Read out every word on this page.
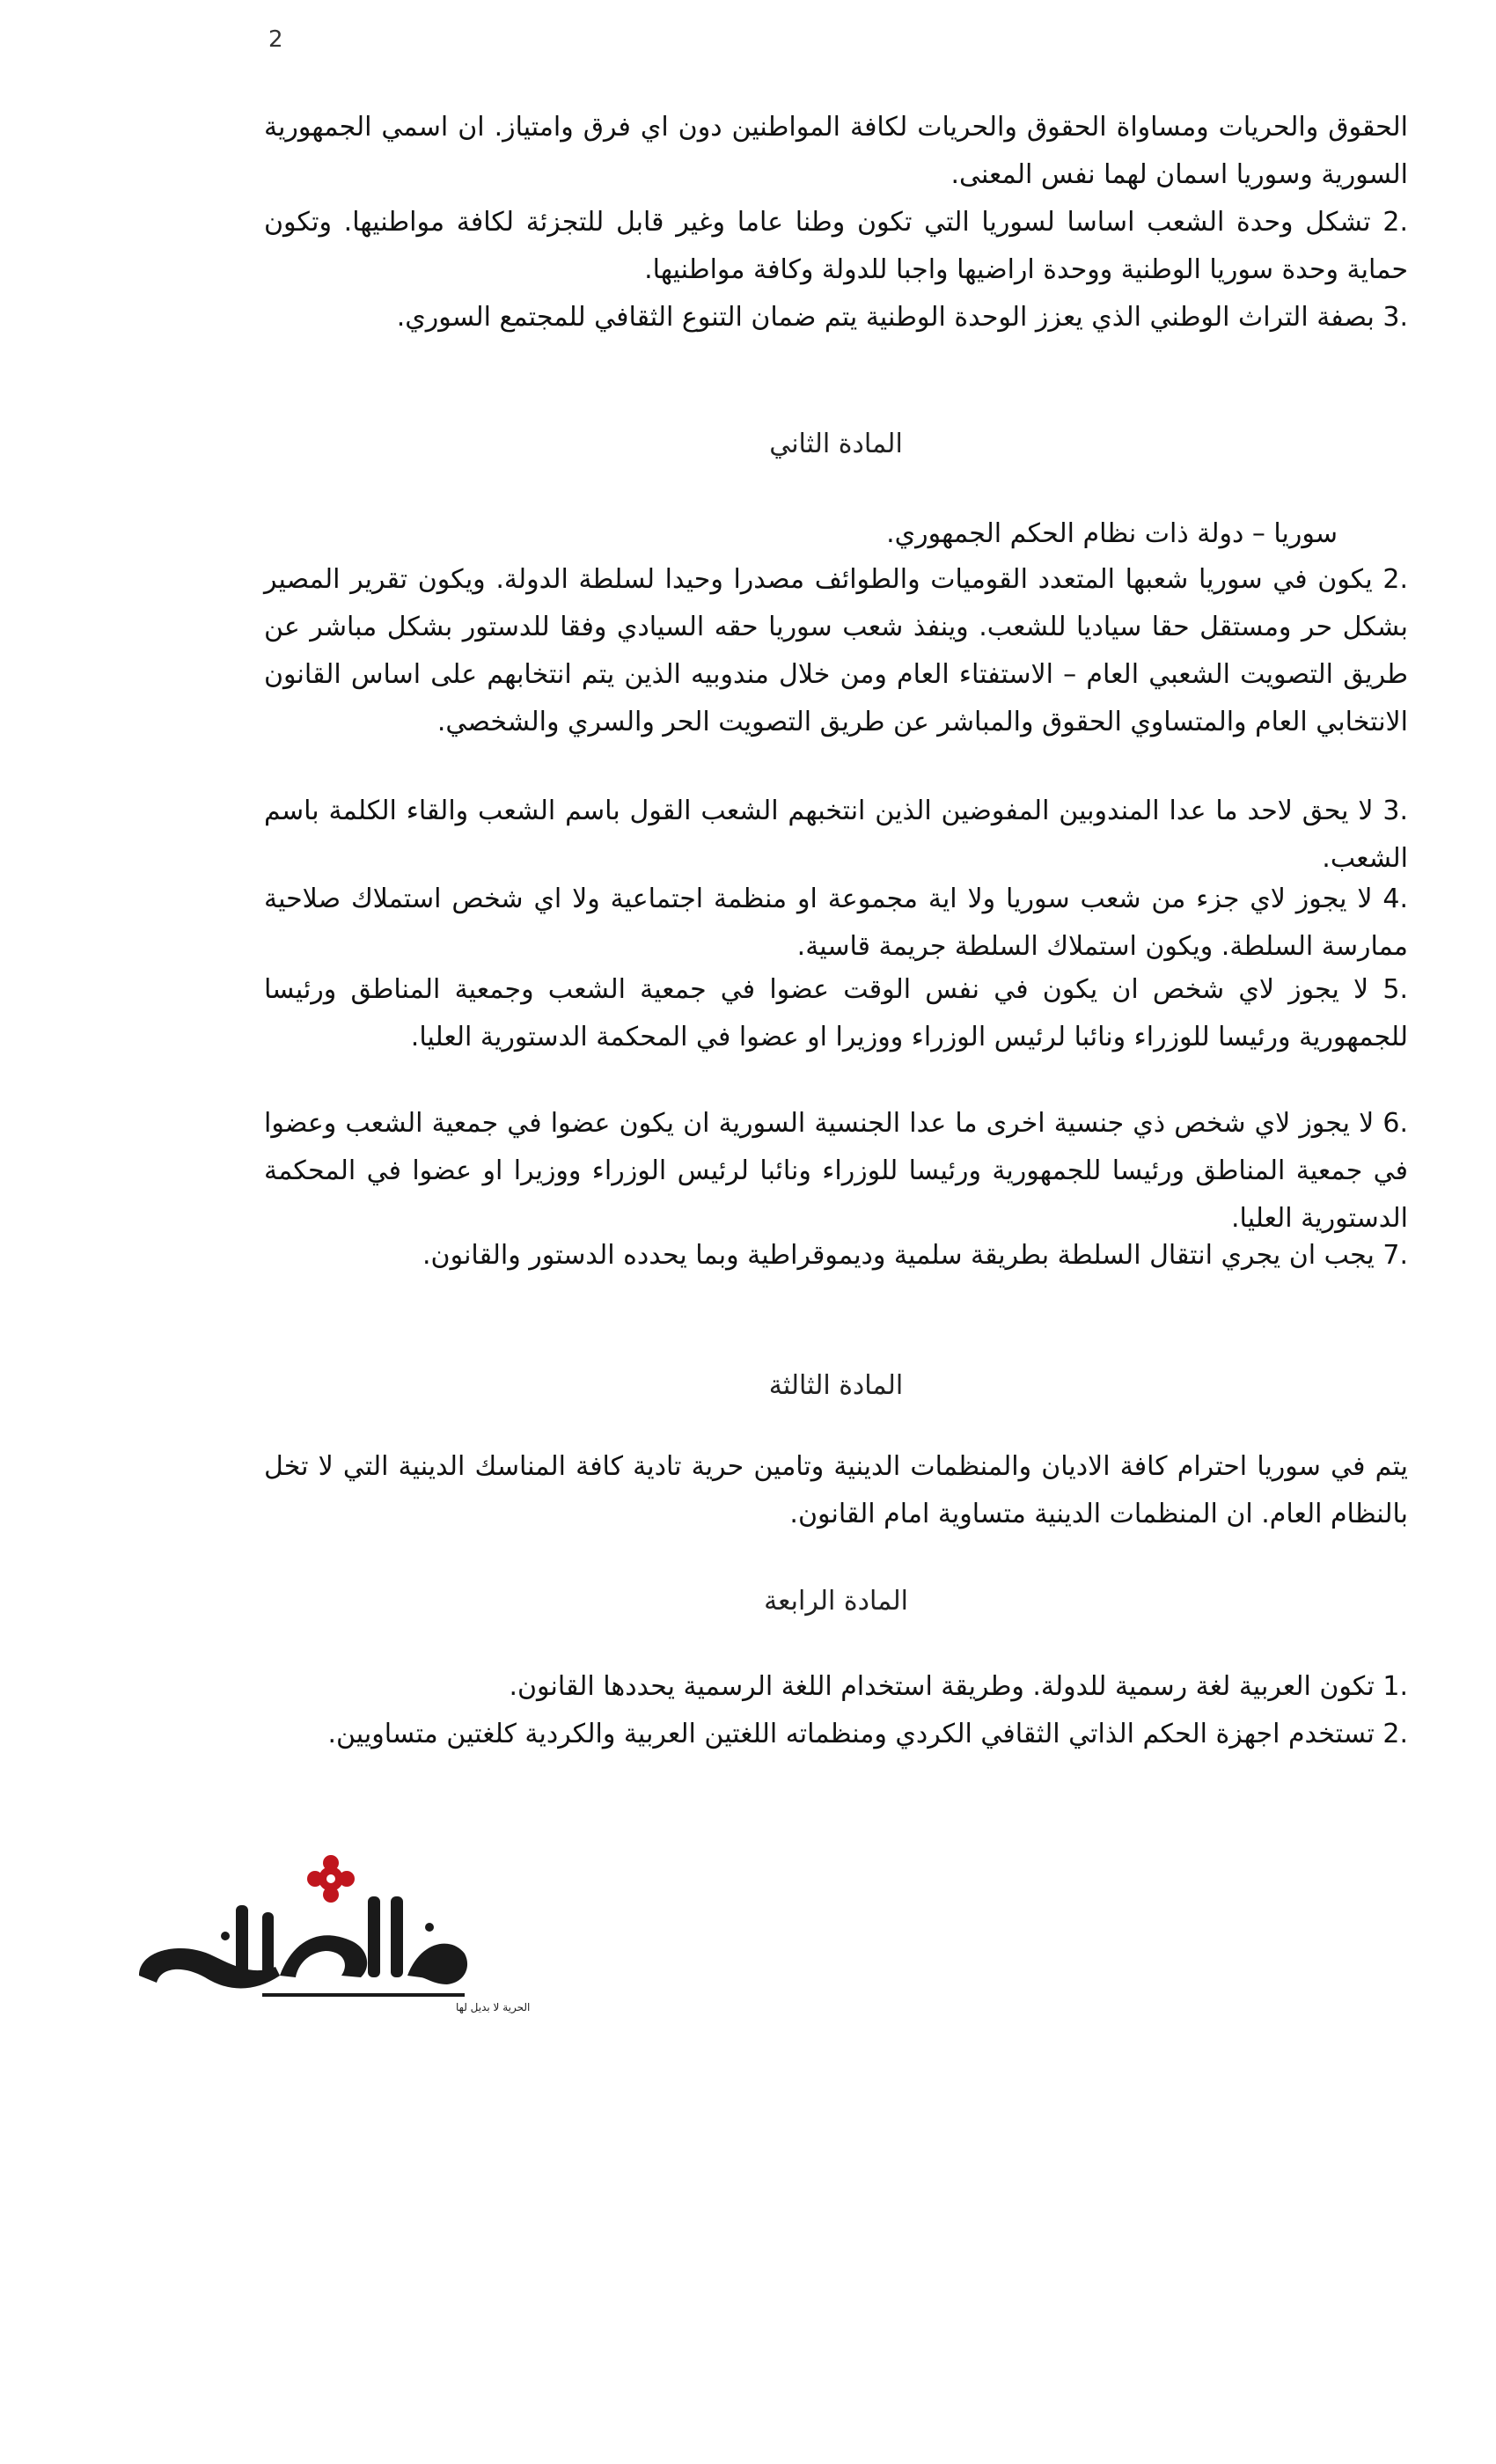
2
الحقوق والحريات ومساواة الحقوق والحريات لكافة المواطنين دون اي فرق وامتياز. ان اسمي الجمهورية السورية وسوريا اسمان لهما نفس المعنى.
2. تشكل وحدة الشعب اساسا لسوريا التي تكون وطنا عاما وغير قابل للتجزئة لكافة مواطنيها. وتكون حماية وحدة سوريا الوطنية ووحدة اراضيها واجبا للدولة وكافة مواطنيها.
3. بصفة التراث الوطني الذي يعزز الوحدة الوطنية يتم ضمان التنوع الثقافي للمجتمع السوري.
المادة الثاني
سوريا – دولة ذات نظام الحكم الجمهوري.
2. يكون في سوريا شعبها المتعدد القوميات والطوائف مصدرا وحيدا لسلطة الدولة. ويكون تقرير المصير بشكل حر ومستقل حقا سياديا للشعب. وينفذ شعب سوريا حقه السيادي وفقا للدستور بشكل مباشر عن طريق التصويت الشعبي العام – الاستفتاء العام ومن خلال مندوبيه الذين يتم انتخابهم على اساس القانون الانتخابي العام والمتساوي الحقوق والمباشر عن طريق التصويت الحر والسري والشخصي.
3. لا يحق لاحد ما عدا المندوبين المفوضين الذين انتخبهم الشعب القول باسم الشعب والقاء الكلمة باسم الشعب.
4. لا يجوز لاي جزء من شعب سوريا ولا اية مجموعة او منظمة اجتماعية ولا اي شخص استملاك صلاحية ممارسة السلطة. ويكون استملاك السلطة جريمة قاسية.
5. لا يجوز لاي شخص ان يكون في نفس الوقت عضوا في جمعية الشعب وجمعية المناطق ورئيسا للجمهورية ورئيسا للوزراء ونائبا لرئيس الوزراء ووزيرا او عضوا في المحكمة الدستورية العليا.
6. لا يجوز لاي شخص ذي جنسية اخرى ما عدا الجنسية السورية ان يكون عضوا في جمعية الشعب وعضوا في جمعية المناطق ورئيسا للجمهورية ورئيسا للوزراء ونائبا لرئيس الوزراء ووزيرا او عضوا في المحكمة الدستورية العليا.
7. يجب ان يجري انتقال السلطة بطريقة سلمية وديموقراطية وبما يحدده الدستور والقانون.
المادة الثالثة
يتم في سوريا احترام كافة الاديان والمنظمات الدينية وتامين حرية تادية كافة المناسك الدينية التي لا تخل بالنظام العام. ان المنظمات الدينية متساوية امام القانون.
المادة الرابعة
1. تكون العربية لغة رسمية للدولة. وطريقة استخدام اللغة الرسمية يحددها القانون.
2. تستخدم اجهزة الحكم الذاتي الثقافي الكردي ومنظماته اللغتين العربية والكردية كلغتين متساويين.
الحرية لا بديل لها
